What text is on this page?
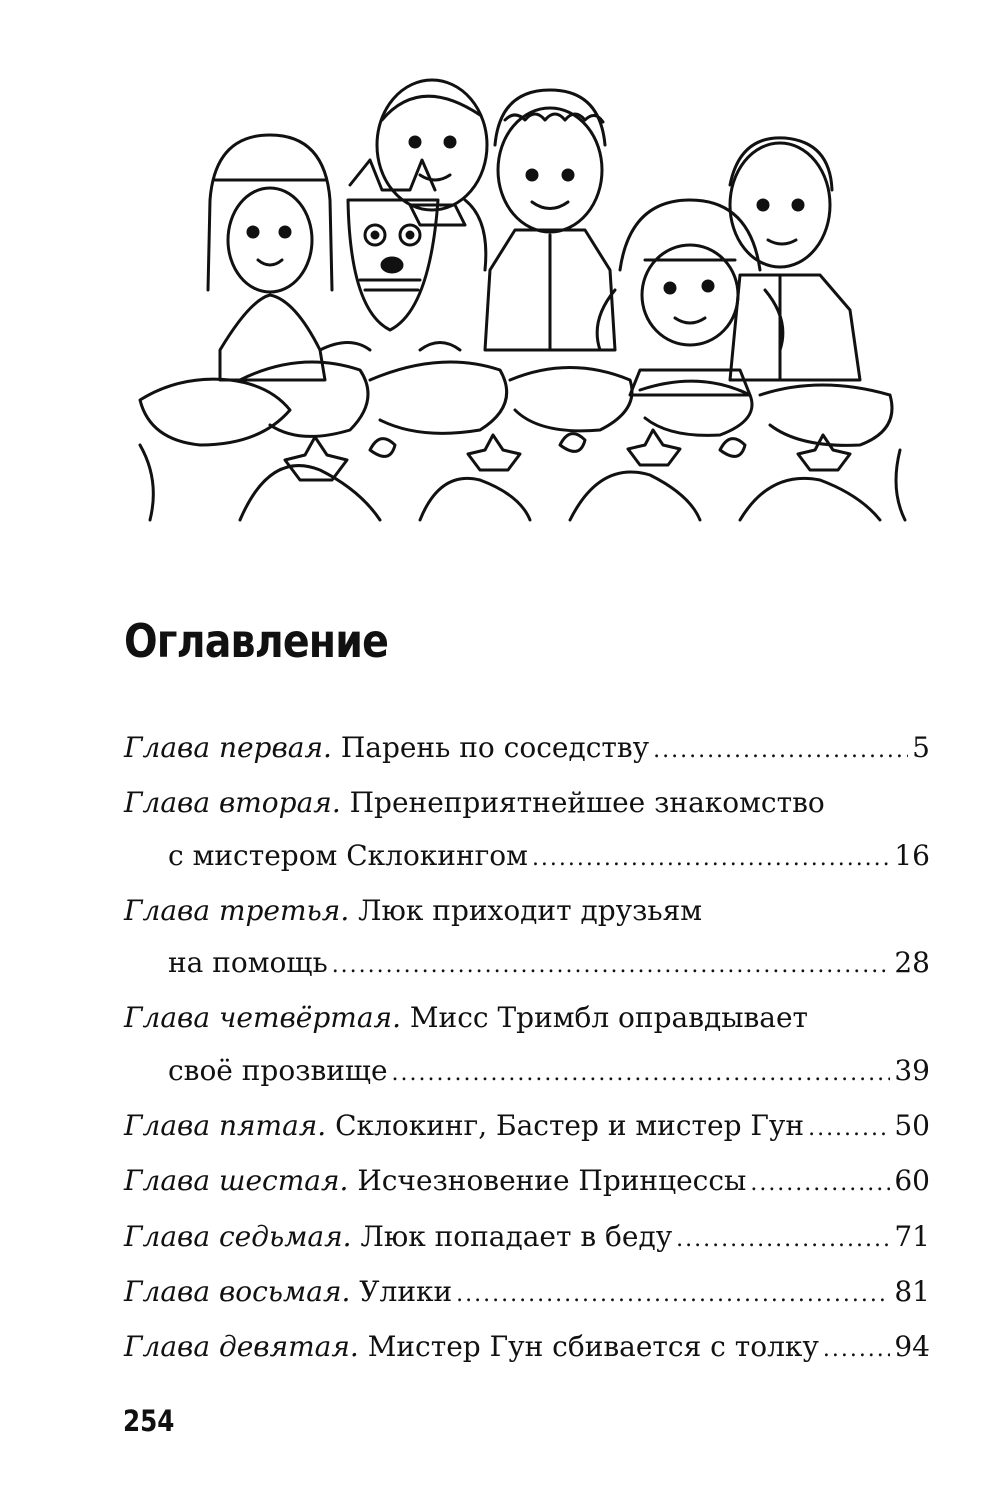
Оглавление
Глава первая.
Парень по соседству .....	5
Глава вторая.
Пренеприятнейшее знакомство
с мистером Склокингом .....	16
Глава третья.
Люк приходит друзьям
на помощь .....	28
Глава четвёртая.
Мисс Тримбл оправдывает
своё прозвище .....	39
Глава пятая.
Склокинг, Бастер и мистер Гун .....	50
Глава шестая.
Исчезновение Принцессы .....	60
Глава седьмая.
Люк попадает в беду .....	71
Глава восьмая.
Улики .....	81
Глава девятая.
Мистер Гун сбивается с толку .....	94
254
